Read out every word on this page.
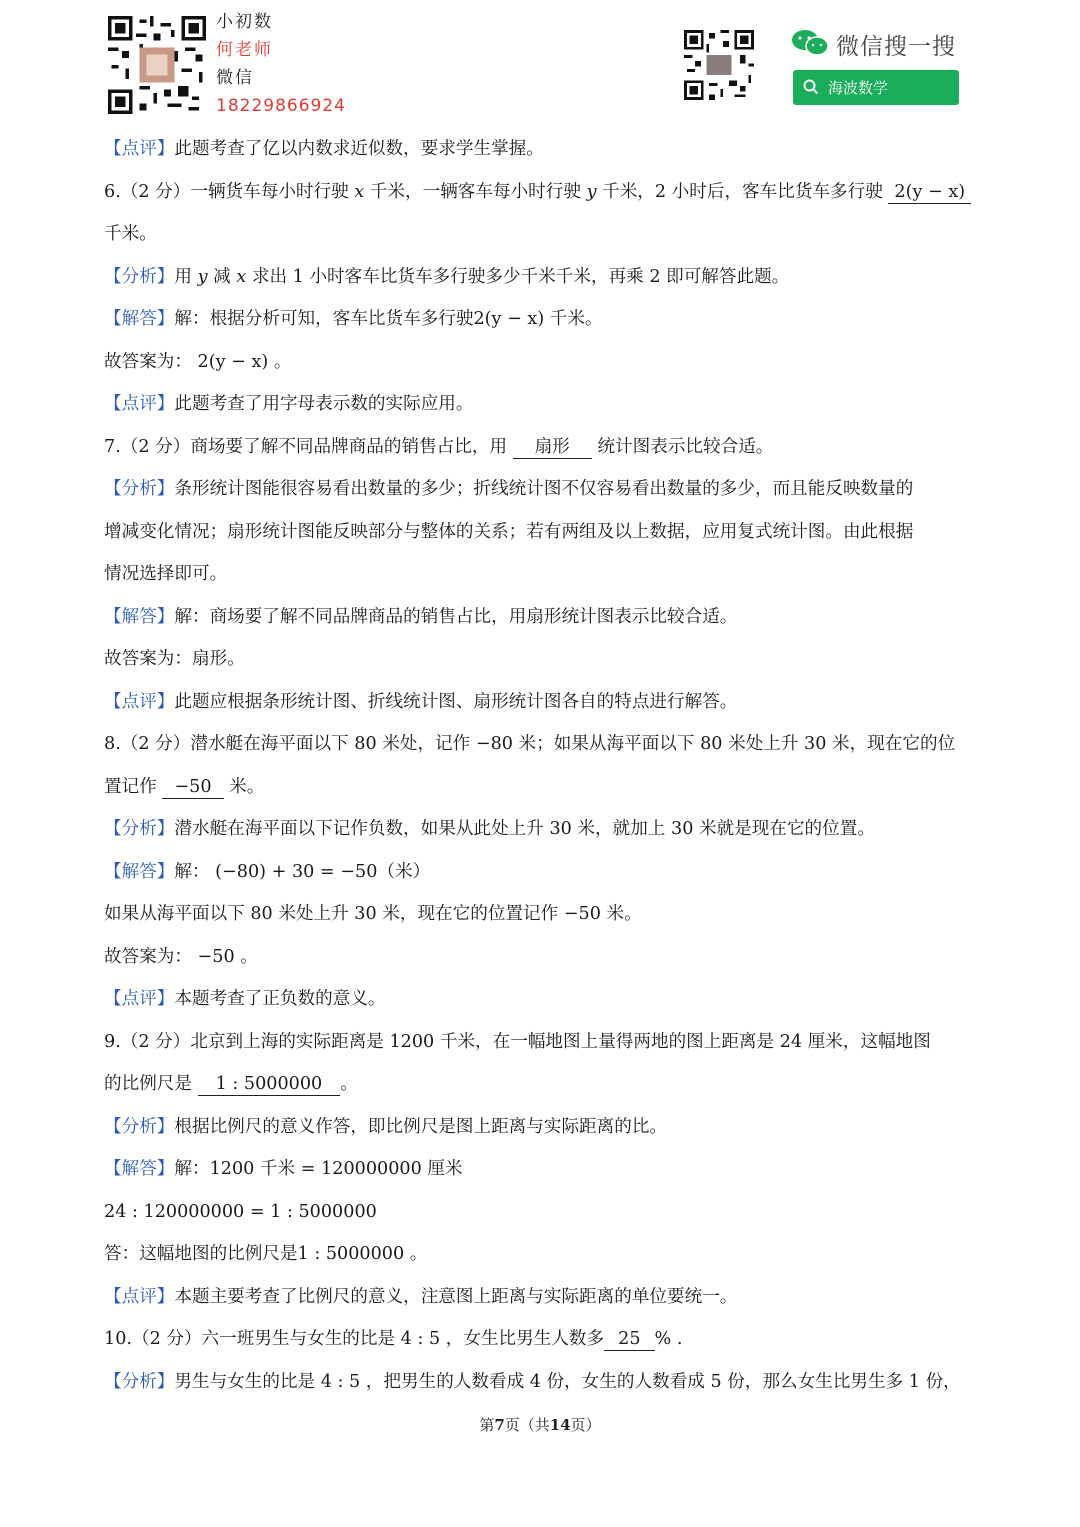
小初数
何老师
微信
18229866924
微信搜一搜
海波数学
【点评】此题考查了亿以内数求近似数，要求学生掌握。
6.（2 分）一辆货车每小时行驶 x 千米，一辆客车每小时行驶 y 千米，2 小时后，客车比货车多行驶 2(y − x)
千米。
【分析】用 y 减 x 求出 1 小时客车比货车多行驶多少千米千米，再乘 2 即可解答此题。
【解答】解：根据分析可知，客车比货车多行驶2(y − x) 千米。
故答案为： 2(y − x) 。
【点评】此题考查了用字母表示数的实际应用。
7.（2 分）商场要了解不同品牌商品的销售占比，用 扇形 统计图表示比较合适。
【分析】条形统计图能很容易看出数量的多少；折线统计图不仅容易看出数量的多少，而且能反映数量的
增减变化情况；扇形统计图能反映部分与整体的关系；若有两组及以上数据，应用复式统计图。由此根据
情况选择即可。
【解答】解：商场要了解不同品牌商品的销售占比，用扇形统计图表示比较合适。
故答案为：扇形。
【点评】此题应根据条形统计图、折线统计图、扇形统计图各自的特点进行解答。
8.（2 分）潜水艇在海平面以下 80 米处，记作 −80 米；如果从海平面以下 80 米处上升 30 米，现在它的位
置记作 −50 米。
【分析】潜水艇在海平面以下记作负数，如果从此处上升 30 米，就加上 30 米就是现在它的位置。
【解答】解： (−80) + 30 = −50（米）
如果从海平面以下 80 米处上升 30 米，现在它的位置记作 −50 米。
故答案为： −50 。
【点评】本题考查了正负数的意义。
9.（2 分）北京到上海的实际距离是 1200 千米，在一幅地图上量得两地的图上距离是 24 厘米，这幅地图
的比例尺是 1 : 5000000 。
【分析】根据比例尺的意义作答，即比例尺是图上距离与实际距离的比。
【解答】解：1200 千米 = 120000000 厘米
24 : 120000000 = 1 : 5000000
答：这幅地图的比例尺是1 : 5000000 。
【点评】本题主要考查了比例尺的意义，注意图上距离与实际距离的单位要统一。
10.（2 分）六一班男生与女生的比是 4 : 5 ，女生比男生人数多 25 % .
【分析】男生与女生的比是 4 : 5 ，把男生的人数看成 4 份，女生的人数看成 5 份，那么女生比男生多 1 份，
第7页（共14页）
